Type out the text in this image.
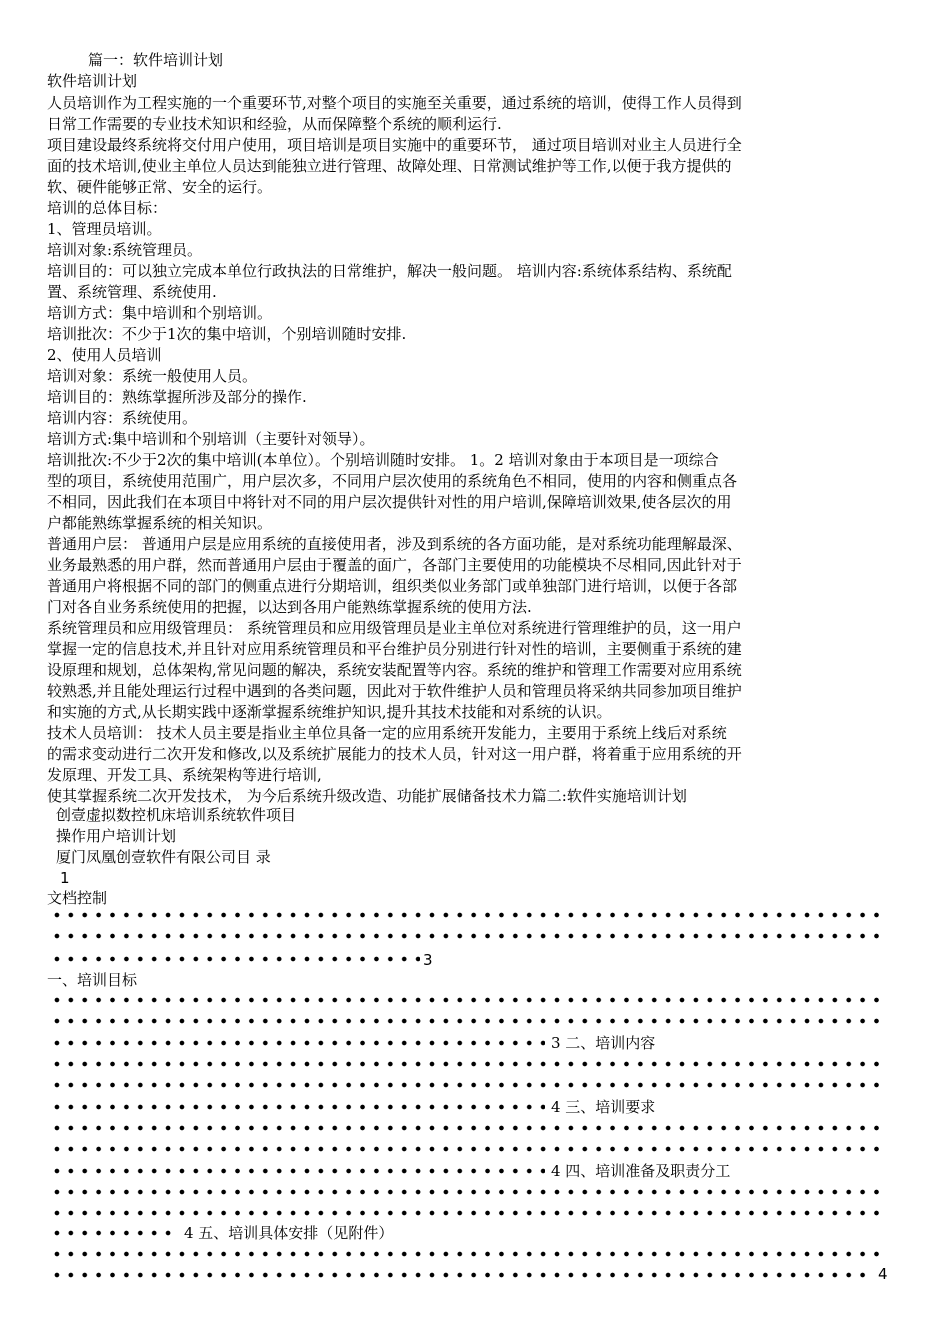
篇一：软件培训计划
软件培训计划
人员培训作为工程实施的一个重要环节,对整个项目的实施至关重要，通过系统的培训，使得工作人员得到
日常工作需要的专业技术知识和经验，从而保障整个系统的顺利运行.
项目建设最终系统将交付用户使用，项目培训是项目实施中的重要环节， 通过项目培训对业主人员进行全
面的技术培训,使业主单位人员达到能独立进行管理、故障处理、日常测试维护等工作,以便于我方提供的
软、硬件能够正常、安全的运行。
培训的总体目标：
1、管理员培训。
培训对象:系统管理员。
培训目的：可以独立完成本单位行政执法的日常维护，解决一般问题。 培训内容:系统体系结构、系统配
置、系统管理、系统使用.
培训方式：集中培训和个别培训。
培训批次：不少于1次的集中培训，个别培训随时安排.
2、使用人员培训
培训对象：系统一般使用人员。
培训目的：熟练掌握所涉及部分的操作.
培训内容：系统使用。
培训方式:集中培训和个别培训（主要针对领导）。
培训批次:不少于2次的集中培训(本单位）。个别培训随时安排。 1。2 培训对象由于本项目是一项综合
型的项目，系统使用范围广，用户层次多，不同用户层次使用的系统角色不相同，使用的内容和侧重点各
不相同，因此我们在本项目中将针对不同的用户层次提供针对性的用户培训,保障培训效果,使各层次的用
户都能熟练掌握系统的相关知识。
普通用户层： 普通用户层是应用系统的直接使用者，涉及到系统的各方面功能，是对系统功能理解最深、
业务最熟悉的用户群，然而普通用户层由于覆盖的面广，各部门主要使用的功能模块不尽相同,因此针对于
普通用户将根据不同的部门的侧重点进行分期培训，组织类似业务部门或单独部门进行培训，以便于各部
门对各自业务系统使用的把握，以达到各用户能熟练掌握系统的使用方法.
系统管理员和应用级管理员： 系统管理员和应用级管理员是业主单位对系统进行管理维护的员，这一用户
掌握一定的信息技术,并且针对应用系统管理员和平台维护员分别进行针对性的培训，主要侧重于系统的建
设原理和规划，总体架构,常见问题的解决，系统安装配置等内容。系统的维护和管理工作需要对应用系统
较熟悉,并且能处理运行过程中遇到的各类问题，因此对于软件维护人员和管理员将采纳共同参加项目维护
和实施的方式,从长期实践中逐渐掌握系统维护知识,提升其技术技能和对系统的认识。
技术人员培训： 技术人员主要是指业主单位具备一定的应用系统开发能力，主要用于系统上线后对系统
的需求变动进行二次开发和修改,以及系统扩展能力的技术人员，针对这一用户群，将着重于应用系统的开
发原理、开发工具、系统架构等进行培训,
使其掌握系统二次开发技术， 为今后系统升级改造、功能扩展储备技术力篇二:软件实施培训计划
创壹虚拟数控机床培训系统软件项目
操作用户培训计划
厦门凤凰创壹软件有限公司目 录
1
文档控制
3
一、培训目标
3 二、培训内容
4 三、培训要求
4 四、培训准备及职责分工
4 五、培训具体安排（见附件）
4
